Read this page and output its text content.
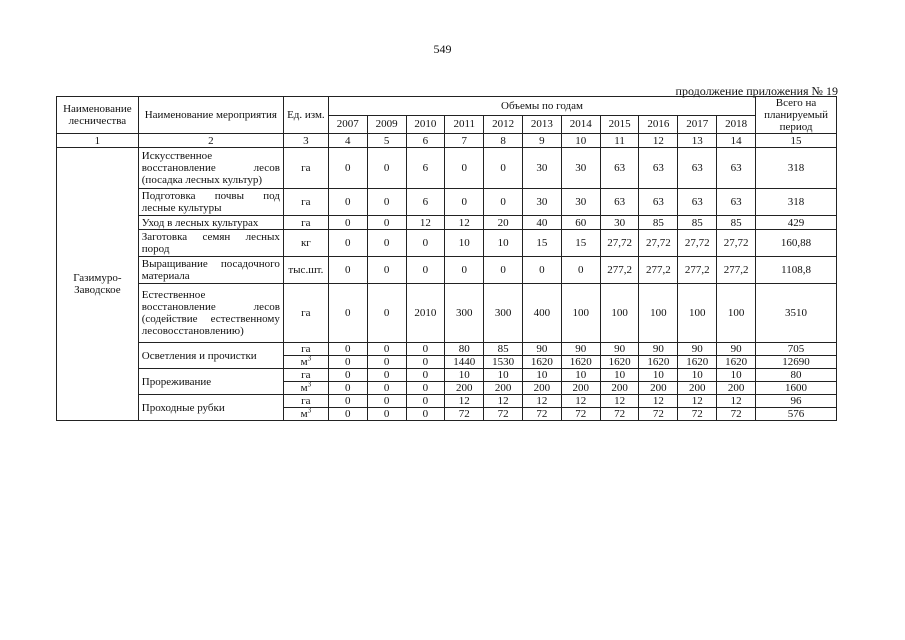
549
продолжение приложения № 19
Наименование лесничества	Наименование мероприятия	Ед. изм.	Объемы по годам											Всего на планируемый период
			2007	2009	2010	2011	2012	2013	2014	2015	2016	2017	2018	
1	2	3	4	5	6	7	8	9	10	11	12	13	14	15
Газимуро-Заводское	Искусственное восстановление лесов (посадка лесных культур)	га	0	0	6	0	0	30	30	63	63	63	63	318
	Подготовка почвы под лесные культуры	га	0	0	6	0	0	30	30	63	63	63	63	318
	Уход в лесных культурах	га	0	0	12	12	20	40	60	30	85	85	85	429
	Заготовка семян лесных пород	кг	0	0	0	10	10	15	15	27,72	27,72	27,72	27,72	160,88
	Выращивание посадочного материала	тыс.шт.	0	0	0	0	0	0	0	277,2	277,2	277,2	277,2	1108,8
	Естественное восстановление лесов (содействие естественному лесовосстановлению)	га	0	0	2010	300	300	400	100	100	100	100	100	3510
	Осветления и прочистки	га	0	0	0	80	85	90	90	90	90	90	90	705
		$м^3$	0	0	0	1440	1530	1620	1620	1620	1620	1620	1620	12690
	Прореживание	га	0	0	0	10	10	10	10	10	10	10	10	80
		$м^3$	0	0	0	200	200	200	200	200	200	200	200	1600
	Проходные рубки	га	0	0	0	12	12	12	12	12	12	12	12	96
		$м^3$	0	0	0	72	72	72	72	72	72	72	72	576
